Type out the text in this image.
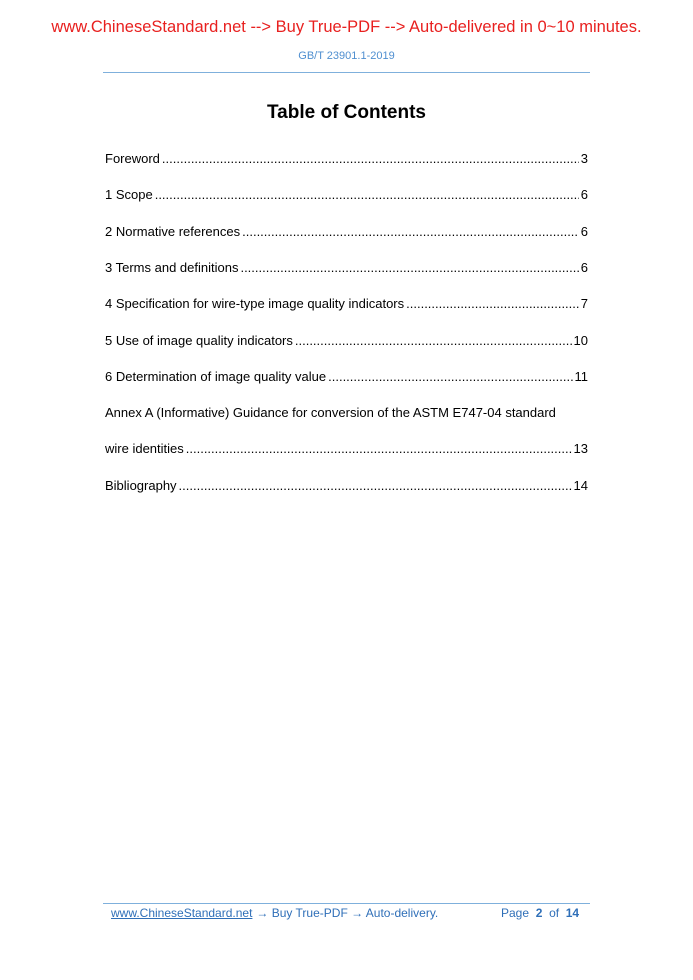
www.ChineseStandard.net --> Buy True-PDF --> Auto-delivered in 0~10 minutes.
GB/T 23901.1-2019
Table of Contents
Foreword .....	3
1 Scope .....	6
2 Normative references .....	6
3 Terms and definitions .....	6
4 Specification for wire-type image quality indicators .....	7
5 Use of image quality indicators .....	10
6 Determination of image quality value .....	11
Annex A (Informative) Guidance for conversion of the ASTM E747-04 standard
wire identities .....	13
Bibliography .....	14
www.ChineseStandard.net → Buy True-PDF → Auto-delivery.	Page 2 of 14
